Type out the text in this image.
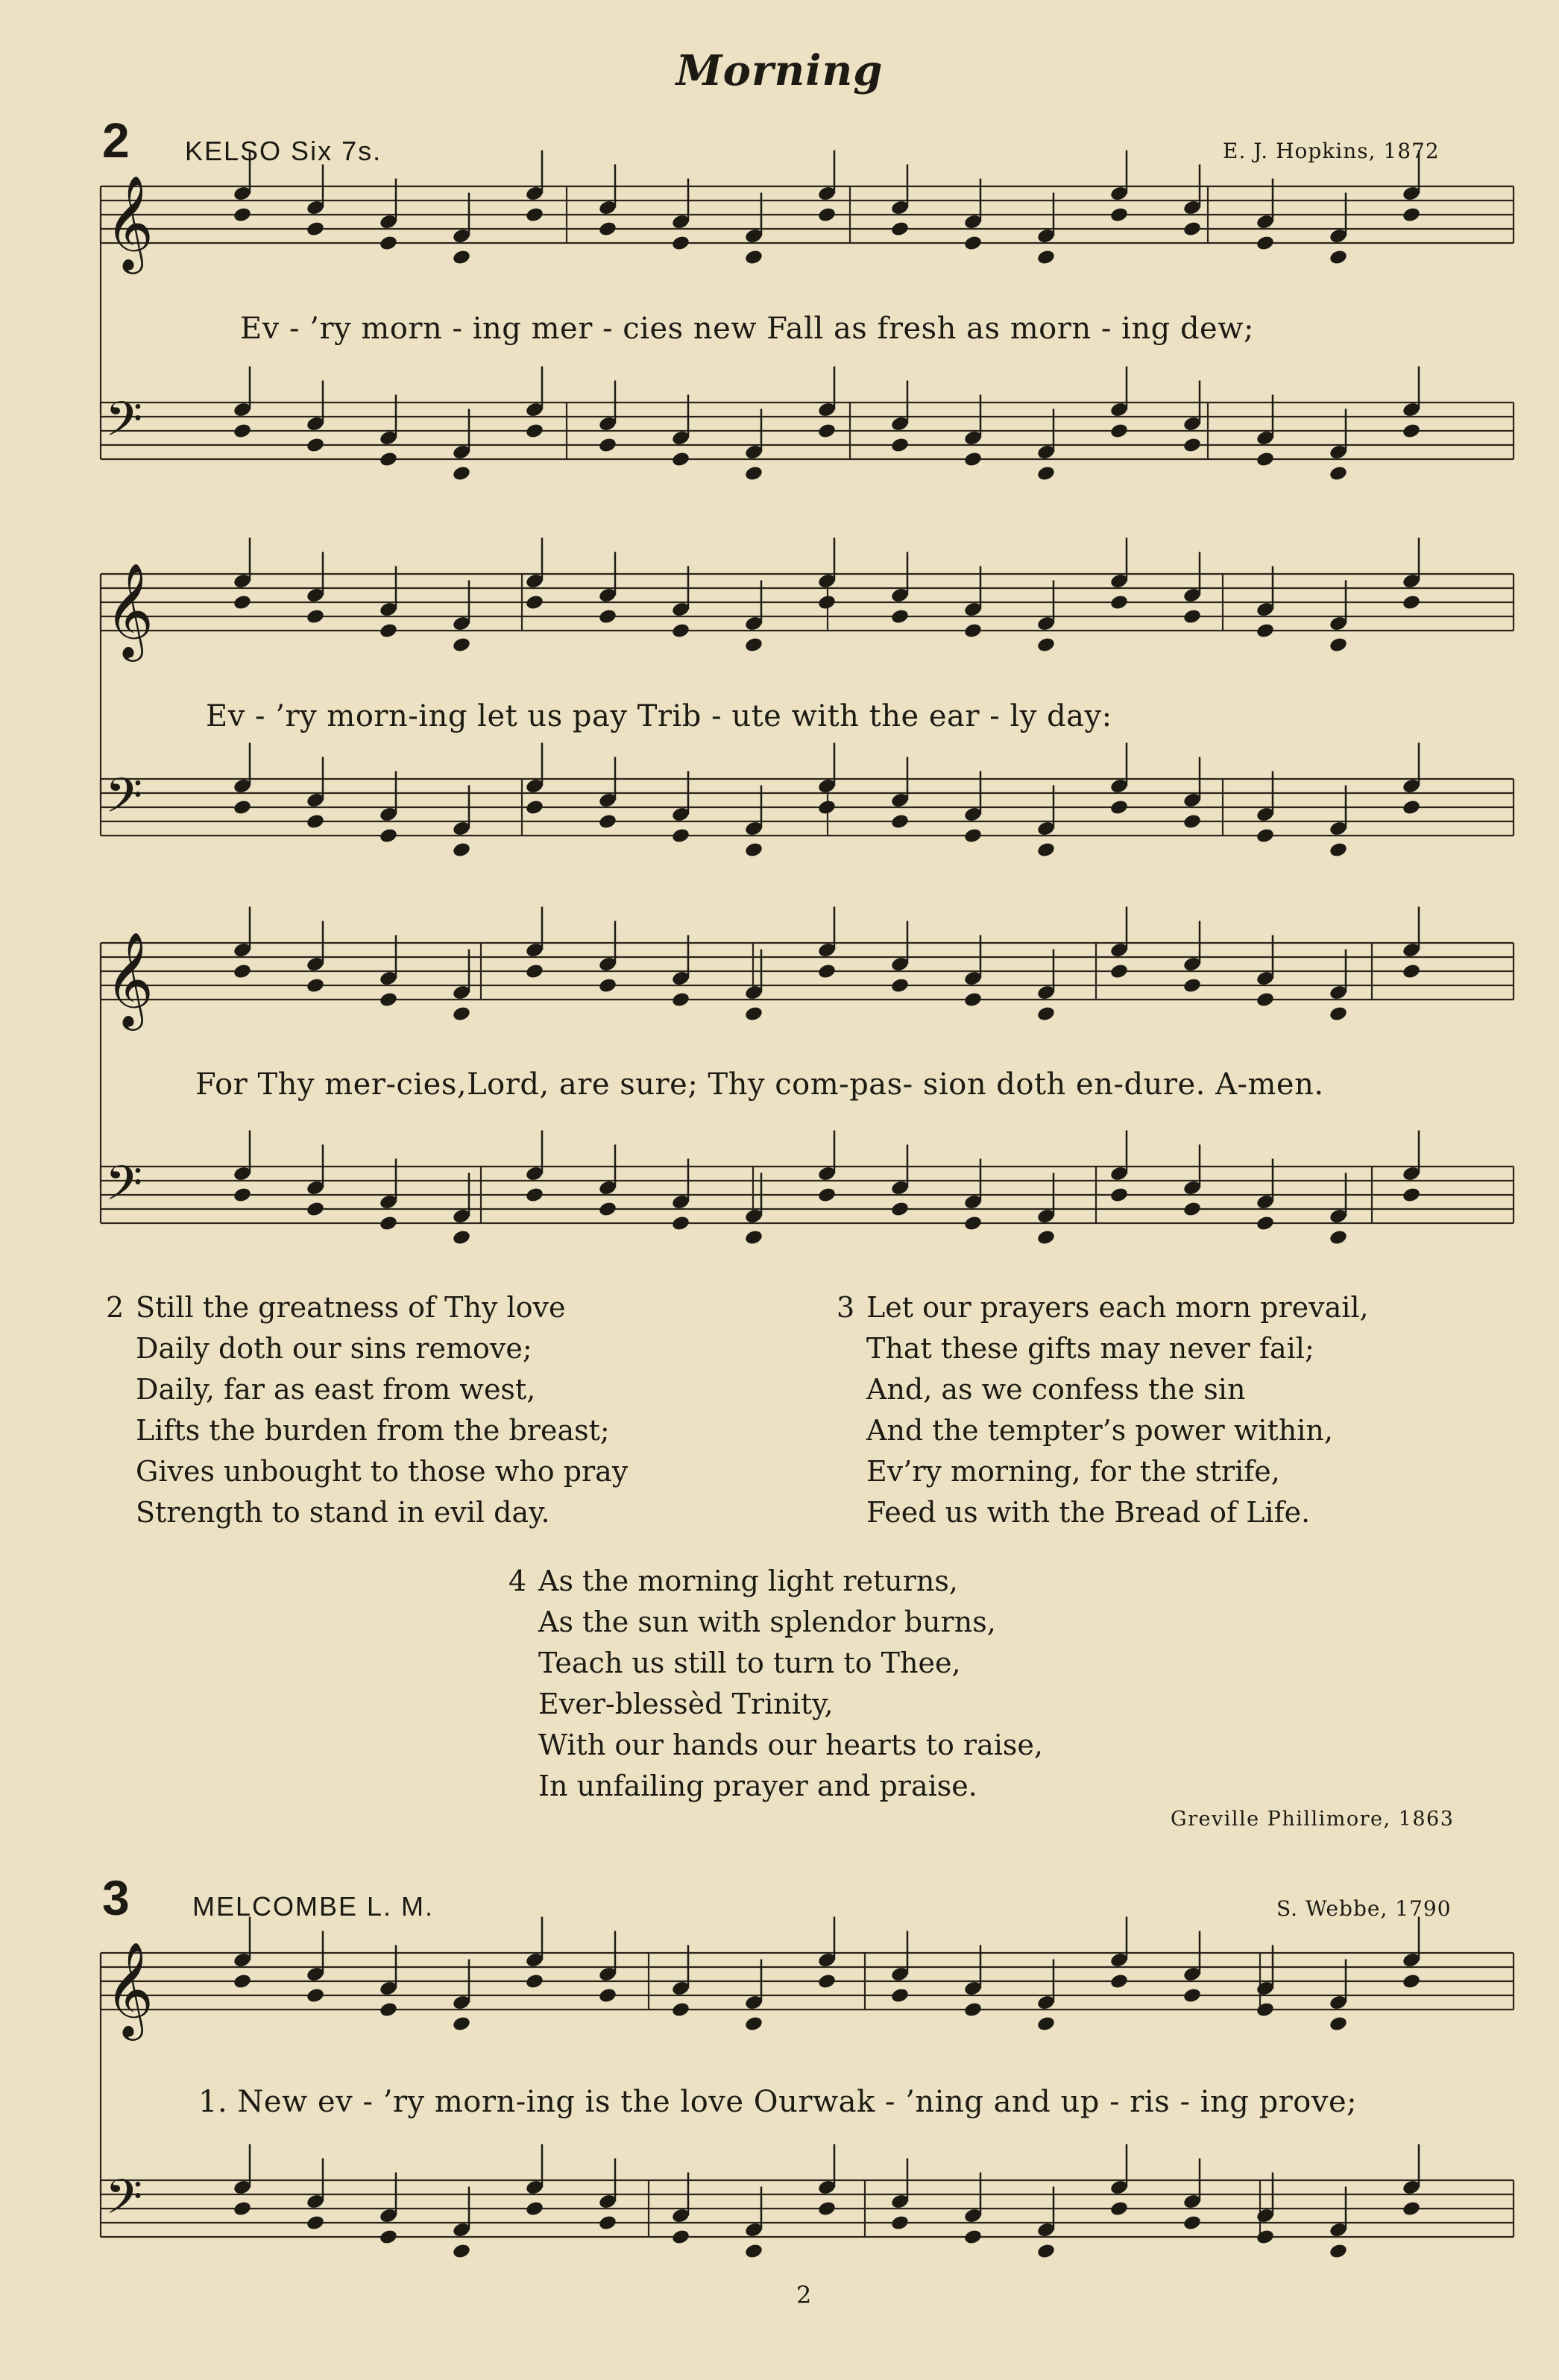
Morning
2 KELSO Six 7s.	E. J. Hopkins, 1872
𝄞
𝄢
𝄞
𝄢
𝄞
𝄢
𝄞
𝄢
Ev - ’ry morn - ing mer - cies new Fall as fresh as morn - ing dew;
Ev - ’ry morn-ing let us pay Trib - ute with the ear - ly day:
For Thy mer-cies,Lord, are sure; Thy com-pas- sion doth en-dure. A-men.
2 Still the greatness of Thy love
Daily doth our sins remove;
Daily, far as east from west,
Lifts the burden from the breast;
Gives unbought to those who pray
Strength to stand in evil day.
3 Let our prayers each morn prevail,
That these gifts may never fail;
And, as we confess the sin
And the tempter’s power within,
Ev’ry morning, for the strife,
Feed us with the Bread of Life.
4 As the morning light returns,
As the sun with splendor burns,
Teach us still to turn to Thee,
Ever-blessèd Trinity,
With our hands our hearts to raise,
In unfailing prayer and praise.
Greville Phillimore, 1863
3 MELCOMBE L. M.	S. Webbe, 1790
1. New ev - ’ry morn-ing is the love Ourwak - ’ning and up - ris - ing prove;
2
